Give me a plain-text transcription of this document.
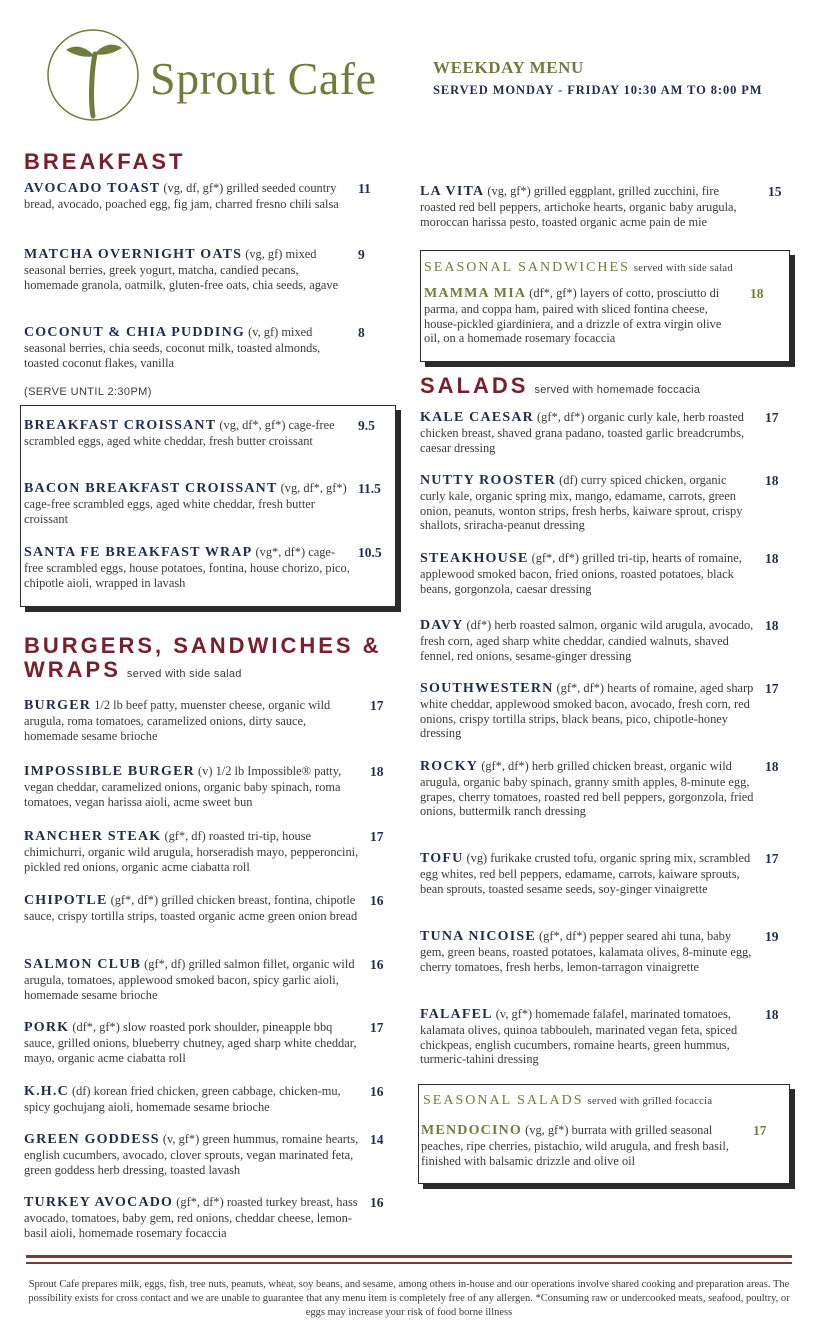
Sprout Cafe	WEEKDAY MENU
SERVED MONDAY - FRIDAY 10:30 AM TO 8:00 PM
BREAKFAST
AVOCADO TOAST (vg, df, gf*) grilled seeded country bread, avocado, poached egg, fig jam, charred fresno chili salsa
11
MATCHA OVERNIGHT OATS (vg, gf) mixed seasonal berries, greek yogurt, matcha, candied pecans, homemade granola, oatmilk, gluten-free oats, chia seeds, agave
9
COCONUT & CHIA PUDDING (v, gf) mixed seasonal berries, chia seeds, coconut milk, toasted almonds, toasted coconut flakes, vanilla
8
(SERVE UNTIL 2:30PM)
BREAKFAST CROISSANT (vg, df*, gf*) cage-free scrambled eggs, aged white cheddar, fresh butter croissant
9.5
BACON BREAKFAST CROISSANT (vg, df*, gf*) cage-free scrambled eggs, aged white cheddar, fresh butter croissant
11.5
SANTA FE BREAKFAST WRAP (vg*, df*) cage-free scrambled eggs, house potatoes, fontina, house chorizo, pico, chipotle aioli, wrapped in lavash
10.5
BURGERS, SANDWICHES &
WRAPS served with side salad
BURGER 1/2 lb beef patty, muenster cheese, organic wild arugula, roma tomatoes, caramelized onions, dirty sauce, homemade sesame brioche
17
IMPOSSIBLE BURGER (v) 1/2 lb Impossible® patty, vegan cheddar, caramelized onions, organic baby spinach, roma tomatoes, vegan harissa aioli, acme sweet bun
18
RANCHER STEAK (gf*, df) roasted tri-tip, house chimichurri, organic wild arugula, horseradish mayo, pepperoncini, pickled red onions, organic acme ciabatta roll
17
CHIPOTLE (gf*, df*) grilled chicken breast, fontina, chipotle sauce, crispy tortilla strips, toasted organic acme green onion bread
16
SALMON CLUB (gf*, df) grilled salmon fillet, organic wild arugula, tomatoes, applewood smoked bacon, spicy garlic aioli, homemade sesame brioche
16
PORK (df*, gf*) slow roasted pork shoulder, pineapple bbq sauce, grilled onions, blueberry chutney, aged sharp white cheddar, mayo, organic acme ciabatta roll
17
K.H.C (df) korean fried chicken, green cabbage, chicken-mu, spicy gochujang aioli, homemade sesame brioche
16
GREEN GODDESS (v, gf*) green hummus, romaine hearts, english cucumbers, avocado, clover sprouts, vegan marinated feta, green goddess herb dressing, toasted lavash
14
TURKEY AVOCADO (gf*, df*) roasted turkey breast, hass avocado, tomatoes, baby gem, red onions, cheddar cheese, lemon-basil aioli, homemade rosemary focaccia
16
LA VITA (vg, gf*) grilled eggplant, grilled zucchini, fire roasted red bell peppers, artichoke hearts, organic baby arugula, moroccan harissa pesto, toasted organic acme pain de mie
15
SEASONAL SANDWICHES served with side salad
MAMMA MIA (df*, gf*) layers of cotto, prosciutto di parma, and coppa ham, paired with sliced fontina cheese, house-pickled giardiniera, and a drizzle of extra virgin olive oil, on a homemade rosemary focaccia
18
SALADS served with homemade foccacia
KALE CAESAR (gf*, df*) organic curly kale, herb roasted chicken breast, shaved grana padano, toasted garlic breadcrumbs, caesar dressing
17
NUTTY ROOSTER (df) curry spiced chicken, organic curly kale, organic spring mix, mango, edamame, carrots, green onion, peanuts, wonton strips, fresh herbs, kaiware sprout, crispy shallots, sriracha-peanut dressing
18
STEAKHOUSE (gf*, df*) grilled tri-tip, hearts of romaine, applewood smoked bacon, fried onions, roasted potatoes, black beans, gorgonzola, caesar dressing
18
DAVY (df*) herb roasted salmon, organic wild arugula, avocado, fresh corn, aged sharp white cheddar, candied walnuts, shaved fennel, red onions, sesame-ginger dressing
18
SOUTHWESTERN (gf*, df*) hearts of romaine, aged sharp white cheddar, applewood smoked bacon, avocado, fresh corn, red onions, crispy tortilla strips, black beans, pico, chipotle-honey dressing
17
ROCKY (gf*, df*) herb grilled chicken breast, organic wild arugula, organic baby spinach, granny smith apples, 8-minute egg, grapes, cherry tomatoes, roasted red bell peppers, gorgonzola, fried onions, buttermilk ranch dressing
18
TOFU (vg) furikake crusted tofu, organic spring mix, scrambled egg whites, red bell peppers, edamame, carrots, kaiware sprouts, bean sprouts, toasted sesame seeds, soy-ginger vinaigrette
17
TUNA NICOISE (gf*, df*) pepper seared ahi tuna, baby gem, green beans, roasted potatoes, kalamata olives, 8-minute egg, cherry tomatoes, fresh herbs, lemon-tarragon vinaigrette
19
FALAFEL (v, gf*) homemade falafel, marinated tomatoes, kalamata olives, quinoa tabbouleh, marinated vegan feta, spiced chickpeas, english cucumbers, romaine hearts, green hummus, turmeric-tahini dressing
18
SEASONAL SALADS served with grilled focaccia
MENDOCINO (vg, gf*) burrata with grilled seasonal peaches, ripe cherries, pistachio, wild arugula, and fresh basil, finished with balsamic drizzle and olive oil
17
Sprout Cafe prepares milk, eggs, fish, tree nuts, peanuts, wheat, soy beans, and sesame, among others in-house and our operations involve shared cooking and preparation areas. The possibility exists for cross contact and we are unable to guarantee that any menu item is completely free of any allergen. *Consuming raw or undercooked meats, seafood, poultry, or eggs may increase your risk of food borne illness
